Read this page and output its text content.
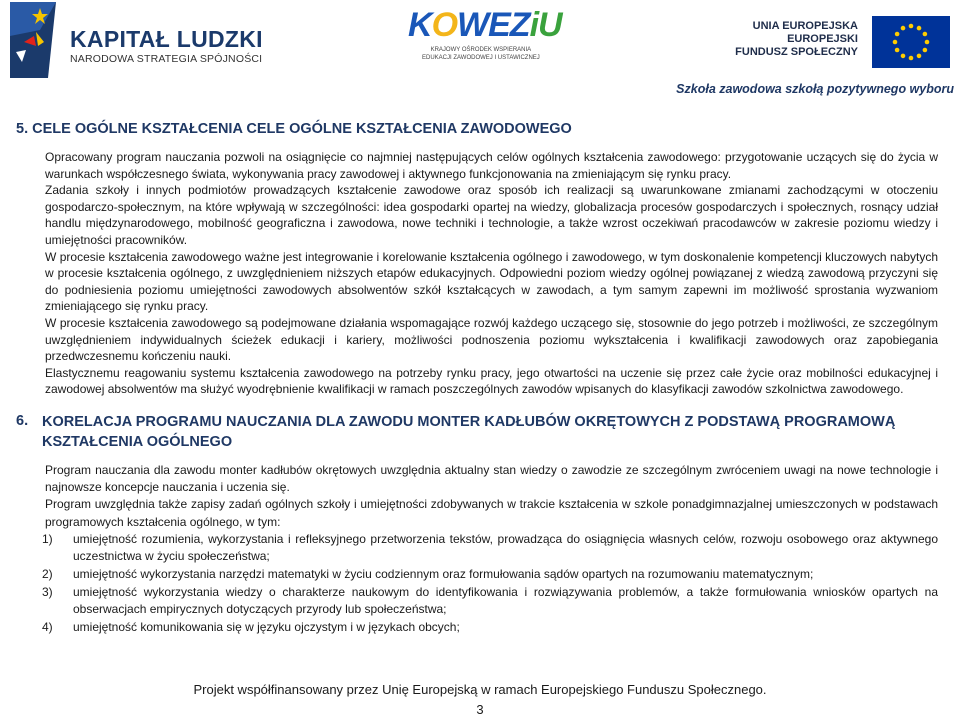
KAPITAŁ LUDZKI
NARODOWA STRATEGIA SPÓJNOŚCI
KOWEZiU
KRAJOWY OŚRODEK WSPIERANIA
EDUKACJI ZAWODOWEJ I USTAWICZNEJ
UNIA EUROPEJSKA
EUROPEJSKI
FUNDUSZ SPOŁECZNY
Szkoła zawodowa szkołą pozytywnego wyboru
5. CELE OGÓLNE KSZTAŁCENIA CELE OGÓLNE KSZTAŁCENIA ZAWODOWEGO

Opracowany program nauczania pozwoli na osiągnięcie co najmniej następujących celów ogólnych kształcenia zawodowego: przygotowanie uczących się do życia w warunkach współczesnego świata, wykonywania pracy zawodowej i aktywnego funkcjonowania na zmieniającym się rynku pracy.

Zadania szkoły i innych podmiotów prowadzących kształcenie zawodowe oraz sposób ich realizacji są uwarunkowane zmianami zachodzącymi w otoczeniu gospodarczo-społecznym, na które wpływają w szczególności: idea gospodarki opartej na wiedzy, globalizacja procesów gospodarczych i społecznych, rosnący udział handlu międzynarodowego, mobilność geograficzna i zawodowa, nowe techniki i technologie, a także wzrost oczekiwań pracodawców w zakresie poziomu wiedzy i umiejętności pracowników.

W procesie kształcenia zawodowego ważne jest integrowanie i korelowanie kształcenia ogólnego i zawodowego, w tym doskonalenie kompetencji kluczowych nabytych w procesie kształcenia ogólnego, z uwzględnieniem niższych etapów edukacyjnych. Odpowiedni poziom wiedzy ogólnej powiązanej z wiedzą zawodową przyczyni się do podniesienia poziomu umiejętności zawodowych absolwentów szkół kształcących w zawodach, a tym samym zapewni im możliwość sprostania wyzwaniom zmieniającego się rynku pracy.

W procesie kształcenia zawodowego są podejmowane działania wspomagające rozwój każdego uczącego się, stosownie do jego potrzeb i możliwości, ze szczególnym uwzględnieniem indywidualnych ścieżek edukacji i kariery, możliwości podnoszenia poziomu wykształcenia i kwalifikacji zawodowych oraz zapobiegania przedwczesnemu kończeniu nauki.

Elastycznemu reagowaniu systemu kształcenia zawodowego na potrzeby rynku pracy, jego otwartości na uczenie się przez całe życie oraz mobilności edukacyjnej i zawodowej absolwentów ma służyć wyodrębnienie kwalifikacji w ramach poszczególnych zawodów wpisanych do klasyfikacji zawodów szkolnictwa zawodowego.

6. KORELACJA PROGRAMU NAUCZANIA DLA ZAWODU MONTER KADŁUBÓW OKRĘTOWYCH Z PODSTAWĄ PROGRAMOWĄ KSZTAŁCENIA OGÓLNEGO

Program nauczania dla zawodu monter kadłubów okrętowych uwzględnia aktualny stan wiedzy o zawodzie ze szczególnym zwróceniem uwagi na nowe technologie i najnowsze koncepcje nauczania i uczenia się.

Program uwzględnia także zapisy zadań ogólnych szkoły i umiejętności zdobywanych w trakcie kształcenia w szkole ponadgimnazjalnej umieszczonych w podstawach programowych kształcenia ogólnego, w tym:

1) umiejętność rozumienia, wykorzystania i refleksyjnego przetworzenia tekstów, prowadząca do osiągnięcia własnych celów, rozwoju osobowego oraz aktywnego uczestnictwa w życiu społeczeństwa;
2) umiejętność wykorzystania narzędzi matematyki w życiu codziennym oraz formułowania sądów opartych na rozumowaniu matematycznym;
3) umiejętność wykorzystania wiedzy o charakterze naukowym do identyfikowania i rozwiązywania problemów, a także formułowania wniosków opartych na obserwacjach empirycznych dotyczących przyrody lub społeczeństwa;
4) umiejętność komunikowania się w języku ojczystym i w językach obcych;
Projekt współfinansowany przez Unię Europejską w ramach Europejskiego Funduszu Społecznego.
3
